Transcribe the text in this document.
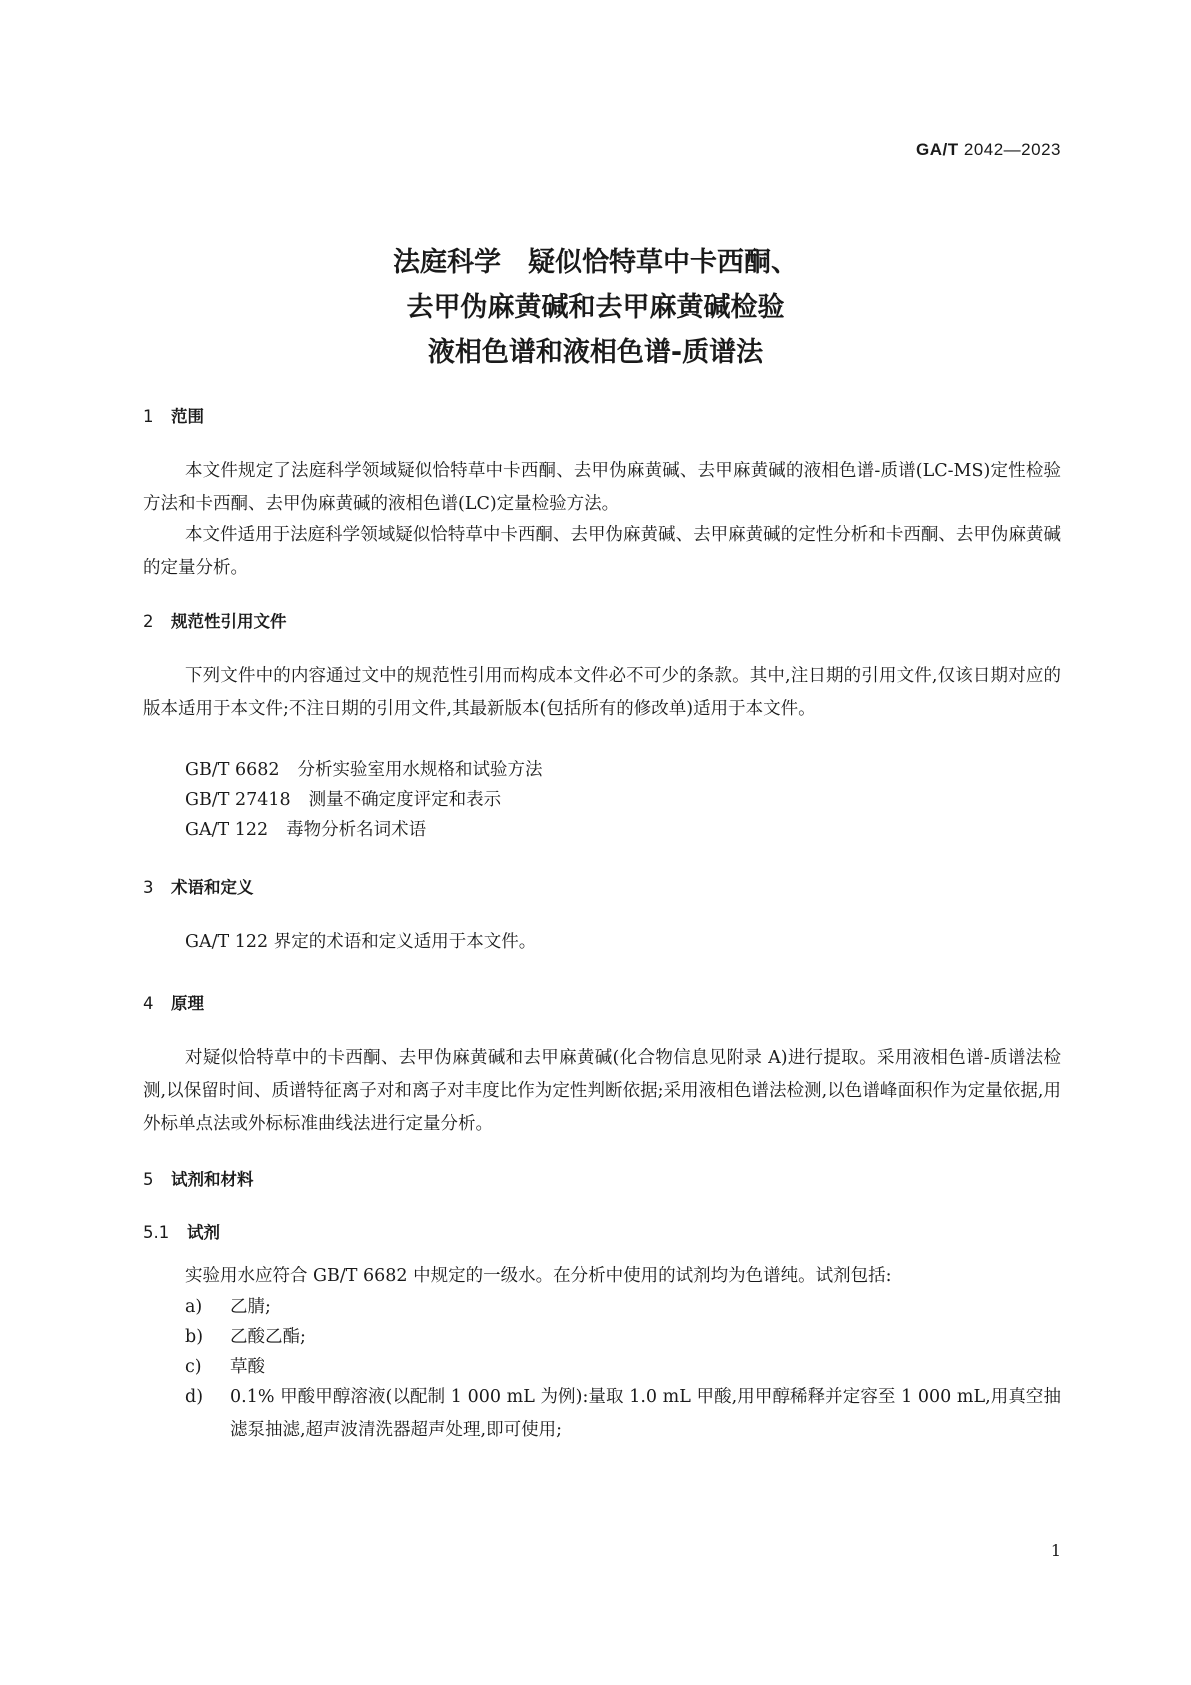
GA/T 2042—2023
法庭科学　疑似恰特草中卡西酮、
去甲伪麻黄碱和去甲麻黄碱检验
液相色谱和液相色谱-质谱法
1 范围
本文件规定了法庭科学领域疑似恰特草中卡西酮、去甲伪麻黄碱、去甲麻黄碱的液相色谱-质谱(LC-MS)定性检验方法和卡西酮、去甲伪麻黄碱的液相色谱(LC)定量检验方法。
本文件适用于法庭科学领域疑似恰特草中卡西酮、去甲伪麻黄碱、去甲麻黄碱的定性分析和卡西酮、去甲伪麻黄碱的定量分析。
2 规范性引用文件
下列文件中的内容通过文中的规范性引用而构成本文件必不可少的条款。其中,注日期的引用文件,仅该日期对应的版本适用于本文件;不注日期的引用文件,其最新版本(包括所有的修改单)适用于本文件。
GB/T 6682 分析实验室用水规格和试验方法
GB/T 27418 测量不确定度评定和表示
GA/T 122 毒物分析名词术语
3 术语和定义
GA/T 122 界定的术语和定义适用于本文件。
4 原理
对疑似恰特草中的卡西酮、去甲伪麻黄碱和去甲麻黄碱(化合物信息见附录 A)进行提取。采用液相色谱-质谱法检测,以保留时间、质谱特征离子对和离子对丰度比作为定性判断依据;采用液相色谱法检测,以色谱峰面积作为定量依据,用外标单点法或外标标准曲线法进行定量分析。
5 试剂和材料
5.1 试剂
实验用水应符合 GB/T 6682 中规定的一级水。在分析中使用的试剂均为色谱纯。试剂包括:
a)	乙腈;
b)	乙酸乙酯;
c)	草酸
d)	0.1% 甲酸甲醇溶液(以配制 1 000 mL 为例):量取 1.0 mL 甲酸,用甲醇稀释并定容至 1 000 mL,用真空抽滤泵抽滤,超声波清洗器超声处理,即可使用;
1
